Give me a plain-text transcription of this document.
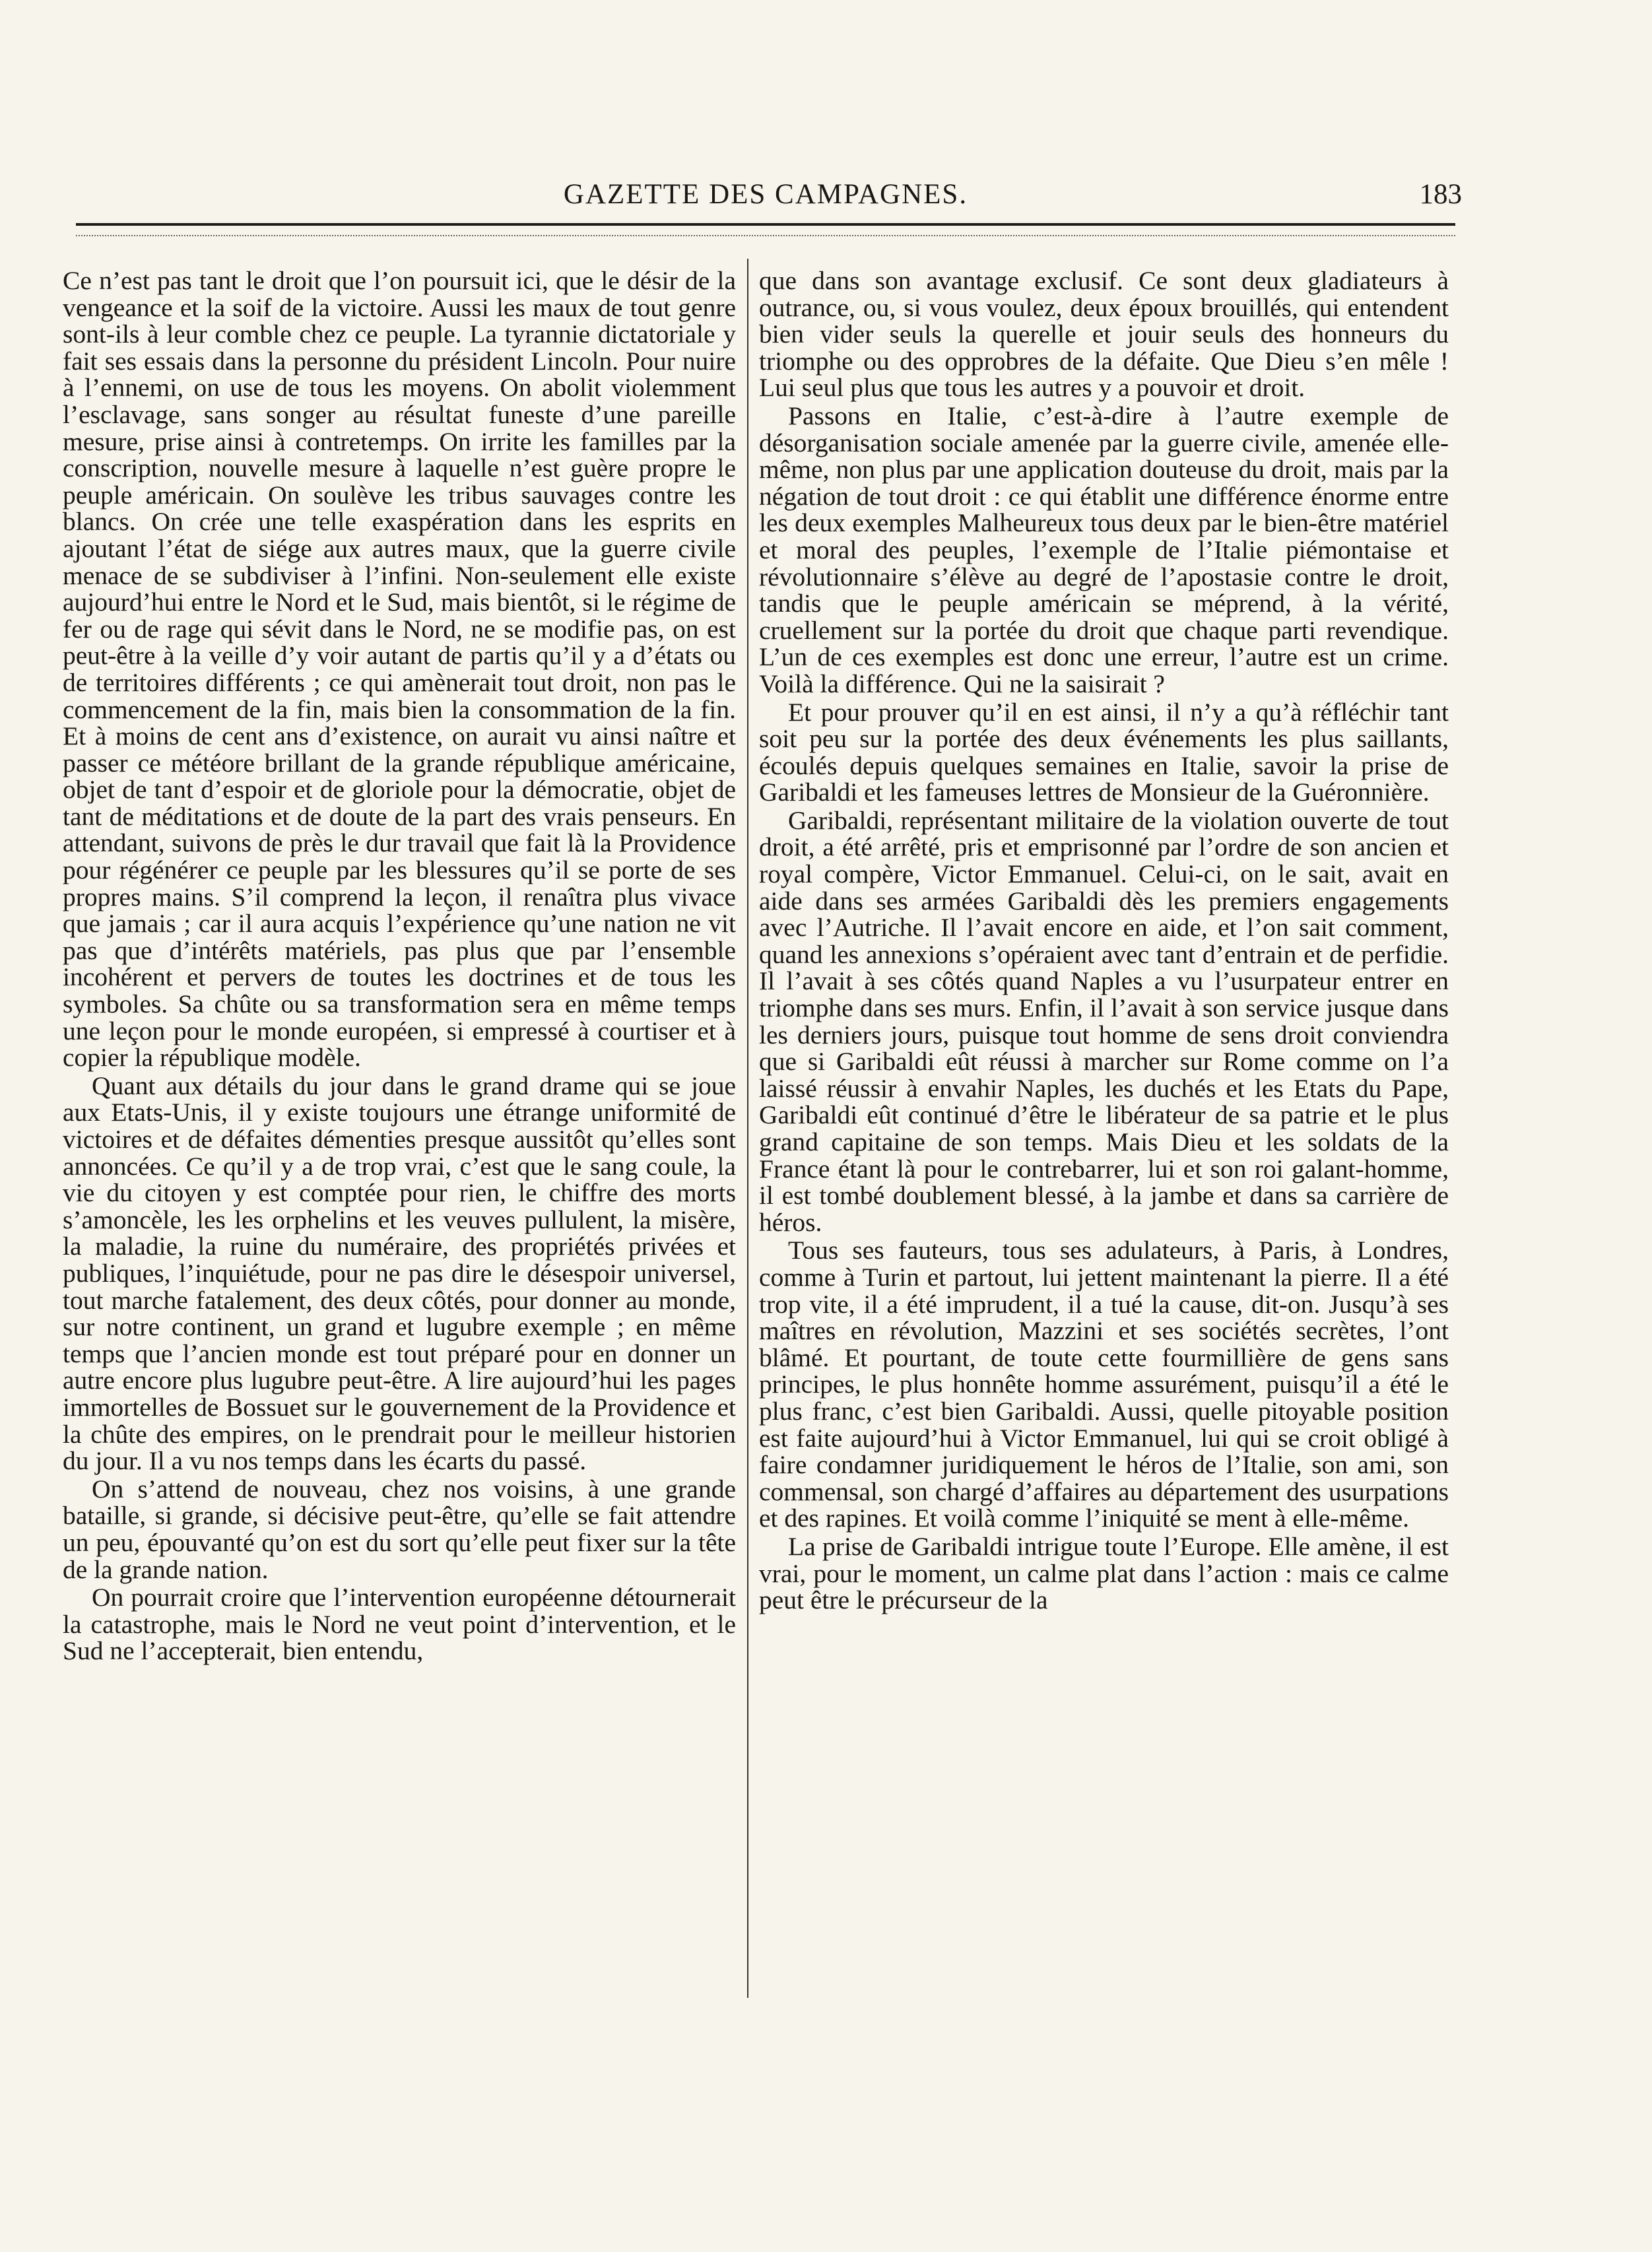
GAZETTE DES CAMPAGNES.	183

Ce n’est pas tant le droit que l’on poursuit ici, que le désir de la vengeance et la soif de la victoire. Aussi les maux de tout genre sont-ils à leur comble chez ce peuple. La tyrannie dictatoriale y fait ses essais dans la personne du président Lincoln. Pour nuire à l’ennemi, on use de tous les moyens. On abolit violemment l’esclavage, sans songer au résultat funeste d’une pareille mesure, prise ainsi à contretemps. On irrite les familles par la conscription, nouvelle mesure à laquelle n’est guère propre le peuple américain. On soulève les tribus sauvages contre les blancs. On crée une telle exaspération dans les esprits en ajoutant l’état de siége aux autres maux, que la guerre civile menace de se subdiviser à l’infini. Non-seulement elle existe aujourd’hui entre le Nord et le Sud, mais bientôt, si le régime de fer ou de rage qui sévit dans le Nord, ne se modifie pas, on est peut-être à la veille d’y voir autant de partis qu’il y a d’états ou de territoires différents ; ce qui amènerait tout droit, non pas le commencement de la fin, mais bien la consommation de la fin. Et à moins de cent ans d’existence, on aurait vu ainsi naître et passer ce météore brillant de la grande république américaine, objet de tant d’espoir et de gloriole pour la démocratie, objet de tant de méditations et de doute de la part des vrais penseurs. En attendant, suivons de près le dur travail que fait là la Providence pour régénérer ce peuple par les blessures qu’il se porte de ses propres mains. S’il comprend la leçon, il renaîtra plus vivace que jamais ; car il aura acquis l’expérience qu’une nation ne vit pas que d’intérêts matériels, pas plus que par l’ensemble incohérent et pervers de toutes les doctrines et de tous les symboles. Sa chûte ou sa transformation sera en même temps une leçon pour le monde européen, si empressé à courtiser et à copier la république modèle.

Quant aux détails du jour dans le grand drame qui se joue aux Etats-Unis, il y existe toujours une étrange uniformité de victoires et de défaites démenties presque aussitôt qu’elles sont annoncées. Ce qu’il y a de trop vrai, c’est que le sang coule, la vie du citoyen y est comptée pour rien, le chiffre des morts s’amoncèle, les les orphelins et les veuves pullulent, la misère, la maladie, la ruine du numéraire, des propriétés privées et publiques, l’inquiétude, pour ne pas dire le désespoir universel, tout marche fatalement, des deux côtés, pour donner au monde, sur notre continent, un grand et lugubre exemple ; en même temps que l’ancien monde est tout préparé pour en donner un autre encore plus lugubre peut-être. A lire aujourd’hui les pages immortelles de Bossuet sur le gouvernement de la Providence et la chûte des empires, on le prendrait pour le meilleur historien du jour. Il a vu nos temps dans les écarts du passé.

On s’attend de nouveau, chez nos voisins, à une grande bataille, si grande, si décisive peut-être, qu’elle se fait attendre un peu, épouvanté qu’on est du sort qu’elle peut fixer sur la tête de la grande nation.

On pourrait croire que l’intervention européenne détournerait la catastrophe, mais le Nord ne veut point d’intervention, et le Sud ne l’accepterait, bien entendu,

que dans son avantage exclusif. Ce sont deux gladiateurs à outrance, ou, si vous voulez, deux époux brouillés, qui entendent bien vider seuls la querelle et jouir seuls des honneurs du triomphe ou des opprobres de la défaite. Que Dieu s’en mêle ! Lui seul plus que tous les autres y a pouvoir et droit.

Passons en Italie, c’est-à-dire à l’autre exemple de désorganisation sociale amenée par la guerre civile, amenée elle-même, non plus par une application douteuse du droit, mais par la négation de tout droit : ce qui établit une différence énorme entre les deux exemples Malheureux tous deux par le bien-être matériel et moral des peuples, l’exemple de l’Italie piémontaise et révolutionnaire s’élève au degré de l’apostasie contre le droit, tandis que le peuple américain se méprend, à la vérité, cruellement sur la portée du droit que chaque parti revendique. L’un de ces exemples est donc une erreur, l’autre est un crime. Voilà la différence. Qui ne la saisirait ?

Et pour prouver qu’il en est ainsi, il n’y a qu’à réfléchir tant soit peu sur la portée des deux événements les plus saillants, écoulés depuis quelques semaines en Italie, savoir la prise de Garibaldi et les fameuses lettres de Monsieur de la Guéronnière.

Garibaldi, représentant militaire de la violation ouverte de tout droit, a été arrêté, pris et emprisonné par l’ordre de son ancien et royal compère, Victor Emmanuel. Celui-ci, on le sait, avait en aide dans ses armées Garibaldi dès les premiers engagements avec l’Autriche. Il l’avait encore en aide, et l’on sait comment, quand les annexions s’opéraient avec tant d’entrain et de perfidie. Il l’avait à ses côtés quand Naples a vu l’usurpateur entrer en triomphe dans ses murs. Enfin, il l’avait à son service jusque dans les derniers jours, puisque tout homme de sens droit conviendra que si Garibaldi eût réussi à marcher sur Rome comme on l’a laissé réussir à envahir Naples, les duchés et les Etats du Pape, Garibaldi eût continué d’être le libérateur de sa patrie et le plus grand capitaine de son temps. Mais Dieu et les soldats de la France étant là pour le contrebarrer, lui et son roi galant-homme, il est tombé doublement blessé, à la jambe et dans sa carrière de héros.

Tous ses fauteurs, tous ses adulateurs, à Paris, à Londres, comme à Turin et partout, lui jettent maintenant la pierre. Il a été trop vite, il a été imprudent, il a tué la cause, dit-on. Jusqu’à ses maîtres en révolution, Mazzini et ses sociétés secrètes, l’ont blâmé. Et pourtant, de toute cette fourmillière de gens sans principes, le plus honnête homme assurément, puisqu’il a été le plus franc, c’est bien Garibaldi. Aussi, quelle pitoyable position est faite aujourd’hui à Victor Emmanuel, lui qui se croit obligé à faire condamner juridiquement le héros de l’Italie, son ami, son commensal, son chargé d’affaires au département des usurpations et des rapines. Et voilà comme l’iniquité se ment à elle-même.

La prise de Garibaldi intrigue toute l’Europe. Elle amène, il est vrai, pour le moment, un calme plat dans l’action : mais ce calme peut être le précurseur de la
